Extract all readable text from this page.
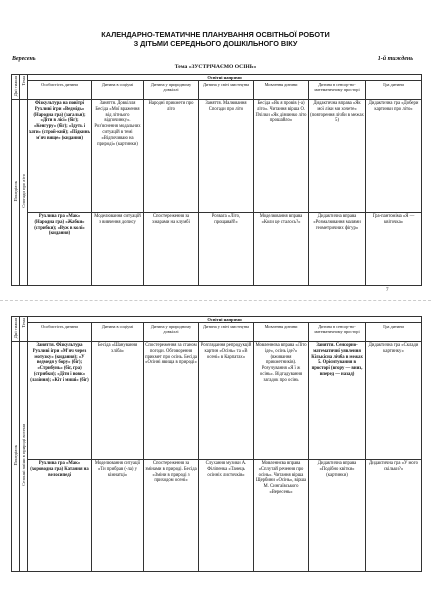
КАЛЕНДАРНО-ТЕМАТИЧНЕ ПЛАНУВАННЯ ОСВІТНЬОЇ РОБОТИ
З ДІТЬМИ СЕРЕДНЬОГО ДОШКІЛЬНОГО ВІКУ
Вересень	1-й тиждень
Тема «ЗУСТРІЧАЄМО ОСІНЬ»
Дні тижня	Тема	Освітні напрями						
		Особистість дитини	Дитина в соціумі	Дитина у природному довкіллі	Дитина у світі мистецтва	Мовлення дитини	Дитина в сенсор-но-математичному просторі	Гра дитини
Понеділок	Спогади про літо	Фізкультура на повітрі Рухливі ігри «Ведмідь» (Народна гра) (загальн); «Діти в лісі» (біг); «Кенгуру» (біг); «Ідуть і хати» (строй-кий); «Підкинь м'яч вище» (кидання)	Заняття. Довкілля Бесіда «Мої враження від літнього відпочинку». Роз'яснення модальних ситуацій в темі «Відпочиваю на природі» (картинки)	Народні прикмети про літо	Заняття. Малювання Спогади про літо	Бесіда «Як я провів (-а) літо». Читання вірша О. Пчілки «Як дівчинко літо прошайло»	Дидактична вправа «Як мої ліки ми хочете» (повторення лічби в межах 5)	Дидактична гра «Добери картинки про літо»
		Рухлива гра «Мак» (Народна гра) «Жабки» (стрибки); «Вуж в колі» (кидання)	Моделювання ситуацій з вивчення допису	Спостереження за хмарами на клумбі	Розвага «Літо, прощавай!»	Моделювання вправа «Коли це сталось?»	Дидактична вправа «Розмалювання малями геометричних фігур»	Гра-пантоміма «Я — квіточка»
7
Дні тижня	Тема	Освітні напрями						
		Особистість дитини	Дитина в соціумі	Дитина у природному довкіллі	Дитина у світі мистецтва	Мовлення дитини	Дитина в сенсор-но-математичному просторі	Гра дитини
Понеділок	Сезонні зміни в природі восени	Заняття. Фізкультура Рухливі ігри «М'яч через мотузку» (кидання); «У ведмедя у бору» (біг); «Стрибунь» (біг, гра) (стрибки); «Діти і вовк» (лазіння); «Кіт і миші» (біг)	Бесіда «Шанування хліба»	Спостереження за станом погоди. Обговорення прикмет про осінь. Бесіда «Осінні явища в природі»	Розглядання репродукцій картин «Осінь» та «В осені» в Карпатах»	Мовленнєва вправа «Літо іде», осінь іде?» (вживання прикметників). Розучування «Я ї ж осінь». Відгадування загадок про осінь	Заняття. Сенсорно-математичні уявлення Кількісна лічба в межах 5. Орієнтування в просторі (вгору — вниз, вперед — назад)	Дидактична гра «Склади картинку»
		Рухлива гра «Мак» (хороводна гра) Катання на велосипеді	Моделювання ситуації «Ти прибрав (-ла) у кімнатці»	Спостереження за змінами в природі. Бесіда «Зміни в природі з приходом осені»	Слухання музики А. Філіпенка «Танець осінніх листочків»	Мовленнєва вправа «Сплутай речення про осінь». Читання вірша Щербини «Осінь», вірша М. Сингаївського «Вересень»	Дидактична вправа «Подібно квітки» (картинки)	Дидактична гра «У мого скільки?»
